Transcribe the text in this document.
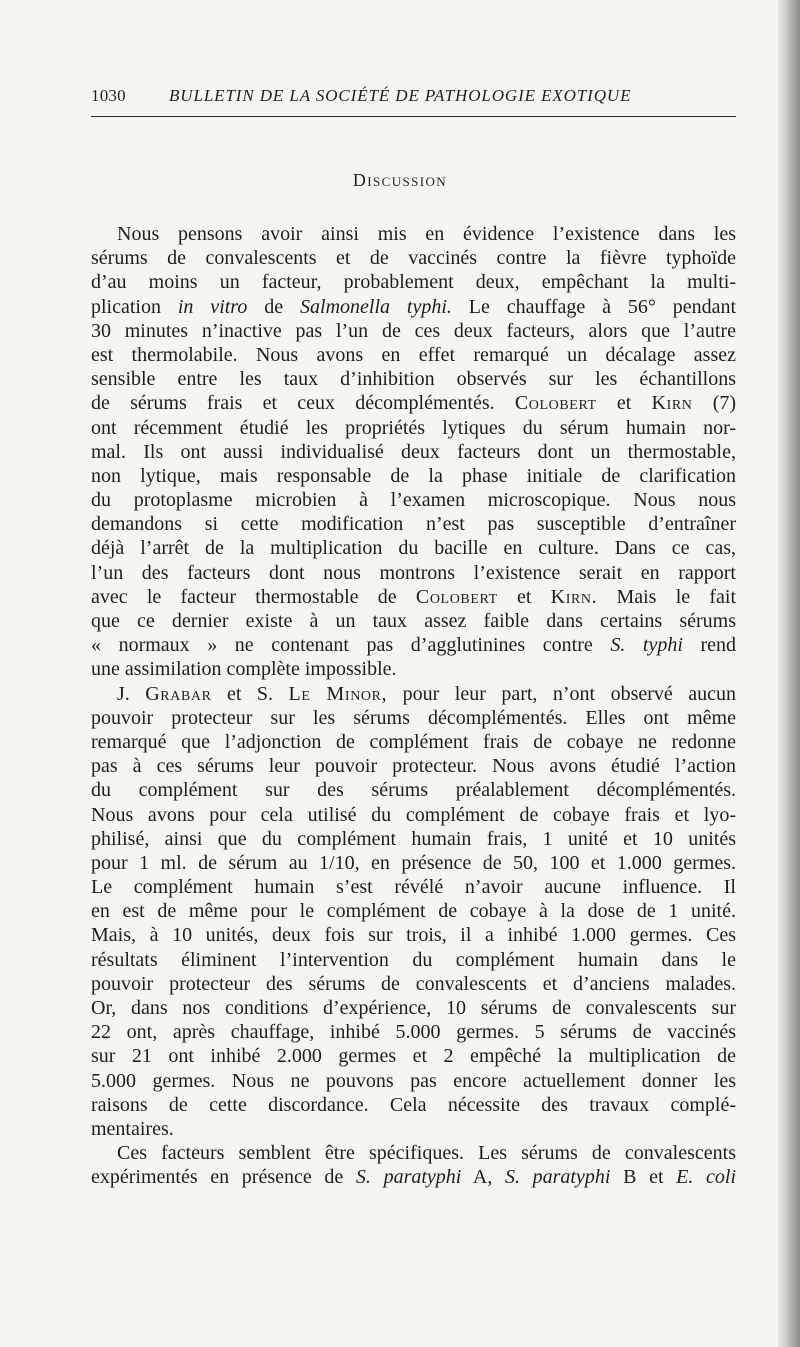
1030	BULLETIN DE LA SOCIÉTÉ DE PATHOLOGIE EXOTIQUE
Discussion
Nous pensons avoir ainsi mis en évidence l’existence dans les
sérums de convalescents et de vaccinés contre la fièvre typhoïde
d’au moins un facteur, probablement deux, empêchant la multi-
plication in vitro de Salmonella typhi. Le chauffage à 56° pendant
30 minutes n’inactive pas l’un de ces deux facteurs, alors que l’autre
est thermolabile. Nous avons en effet remarqué un décalage assez
sensible entre les taux d’inhibition observés sur les échantillons
de sérums frais et ceux décomplémentés. Colobert et Kirn (7)
ont récemment étudié les propriétés lytiques du sérum humain nor-
mal. Ils ont aussi individualisé deux facteurs dont un thermostable,
non lytique, mais responsable de la phase initiale de clarification
du protoplasme microbien à l’examen microscopique. Nous nous
demandons si cette modification n’est pas susceptible d’entraîner
déjà l’arrêt de la multiplication du bacille en culture. Dans ce cas,
l’un des facteurs dont nous montrons l’existence serait en rapport
avec le facteur thermostable de Colobert et Kirn. Mais le fait
que ce dernier existe à un taux assez faible dans certains sérums
« normaux » ne contenant pas d’agglutinines contre S. typhi rend
une assimilation complète impossible.
J. Grabar et S. Le Minor, pour leur part, n’ont observé aucun
pouvoir protecteur sur les sérums décomplémentés. Elles ont même
remarqué que l’adjonction de complément frais de cobaye ne redonne
pas à ces sérums leur pouvoir protecteur. Nous avons étudié l’action
du complément sur des sérums préalablement décomplémentés.
Nous avons pour cela utilisé du complément de cobaye frais et lyo-
philisé, ainsi que du complément humain frais, 1 unité et 10 unités
pour 1 ml. de sérum au 1/10, en présence de 50, 100 et 1.000 germes.
Le complément humain s’est révélé n’avoir aucune influence. Il
en est de même pour le complément de cobaye à la dose de 1 unité.
Mais, à 10 unités, deux fois sur trois, il a inhibé 1.000 germes. Ces
résultats éliminent l’intervention du complément humain dans le
pouvoir protecteur des sérums de convalescents et d’anciens malades.
Or, dans nos conditions d’expérience, 10 sérums de convalescents sur
22 ont, après chauffage, inhibé 5.000 germes. 5 sérums de vaccinés
sur 21 ont inhibé 2.000 germes et 2 empêché la multiplication de
5.000 germes. Nous ne pouvons pas encore actuellement donner les
raisons de cette discordance. Cela nécessite des travaux complé-
mentaires.
Ces facteurs semblent être spécifiques. Les sérums de convalescents
expérimentés en présence de S. paratyphi A, S. paratyphi B et E. coli
